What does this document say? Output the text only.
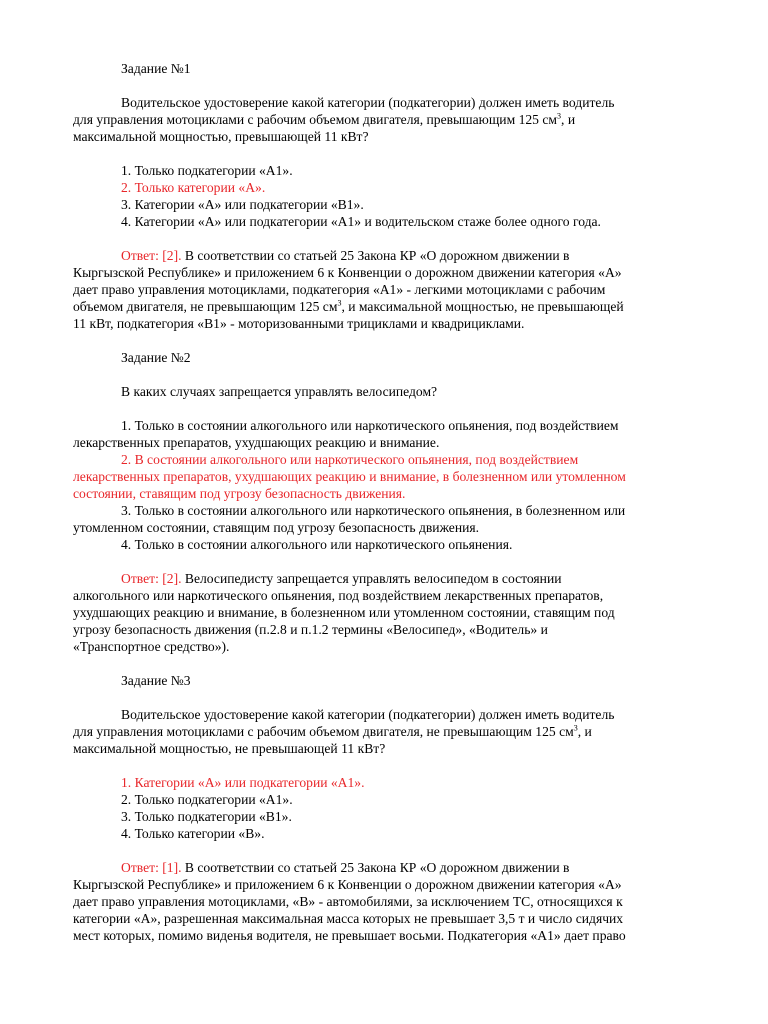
Задание №1

Водительское удостоверение какой категории (подкатегории) должен иметь водитель
для управления мотоциклами с рабочим объемом двигателя, превышающим 125 $см^3$, и
максимальной мощностью, превышающей 11 кВт?

1. Только подкатегории «А1».

2. Только категории «А».

3. Категории «А» или подкатегории «В1».

4. Категории «А» или подкатегории «А1» и водительском стаже более одного года.

Ответ: [2]. В соответствии со статьей 25 Закона КР «О дорожном движении в
Кыргызской Республике» и приложением 6 к Конвенции о дорожном движении категория «А»
дает право управления мотоциклами, подкатегория «А1» - легкими мотоциклами с рабочим
объемом двигателя, не превышающим 125 $см^3$, и максимальной мощностью, не превышающей
11 кВт, подкатегория «В1» - моторизованными трициклами и квадрициклами.

Задание №2

В каких случаях запрещается управлять велосипедом?

1. Только в состоянии алкогольного или наркотического опьянения, под воздействием
лекарственных препаратов, ухудшающих реакцию и внимание.

2. В состоянии алкогольного или наркотического опьянения, под воздействием
лекарственных препаратов, ухудшающих реакцию и внимание, в болезненном или утомленном
состоянии, ставящим под угрозу безопасность движения.

3. Только в состоянии алкогольного или наркотического опьянения, в болезненном или
утомленном состоянии, ставящим под угрозу безопасность движения.

4. Только в состоянии алкогольного или наркотического опьянения.

Ответ: [2]. Велосипедисту запрещается управлять велосипедом в состоянии
алкогольного или наркотического опьянения, под воздействием лекарственных препаратов,
ухудшающих реакцию и внимание, в болезненном или утомленном состоянии, ставящим под
угрозу безопасность движения (п.2.8 и п.1.2 термины «Велосипед», «Водитель» и
«Транспортное средство»).

Задание №3

Водительское удостоверение какой категории (подкатегории) должен иметь водитель
для управления мотоциклами с рабочим объемом двигателя, не превышающим 125 $см^3$, и
максимальной мощностью, не превышающей 11 кВт?

1. Категории «А» или подкатегории «А1».

2. Только подкатегории «А1».

3. Только подкатегории «В1».

4. Только категории «В».

Ответ: [1]. В соответствии со статьей 25 Закона КР «О дорожном движении в
Кыргызской Республике» и приложением 6 к Конвенции о дорожном движении категория «А»
дает право управления мотоциклами, «В» - автомобилями, за исключением ТС, относящихся к
категории «А», разрешенная максимальная масса которых не превышает 3,5 т и число сидячих
мест которых, помимо виденья водителя, не превышает восьми. Подкатегория «А1» дает право
